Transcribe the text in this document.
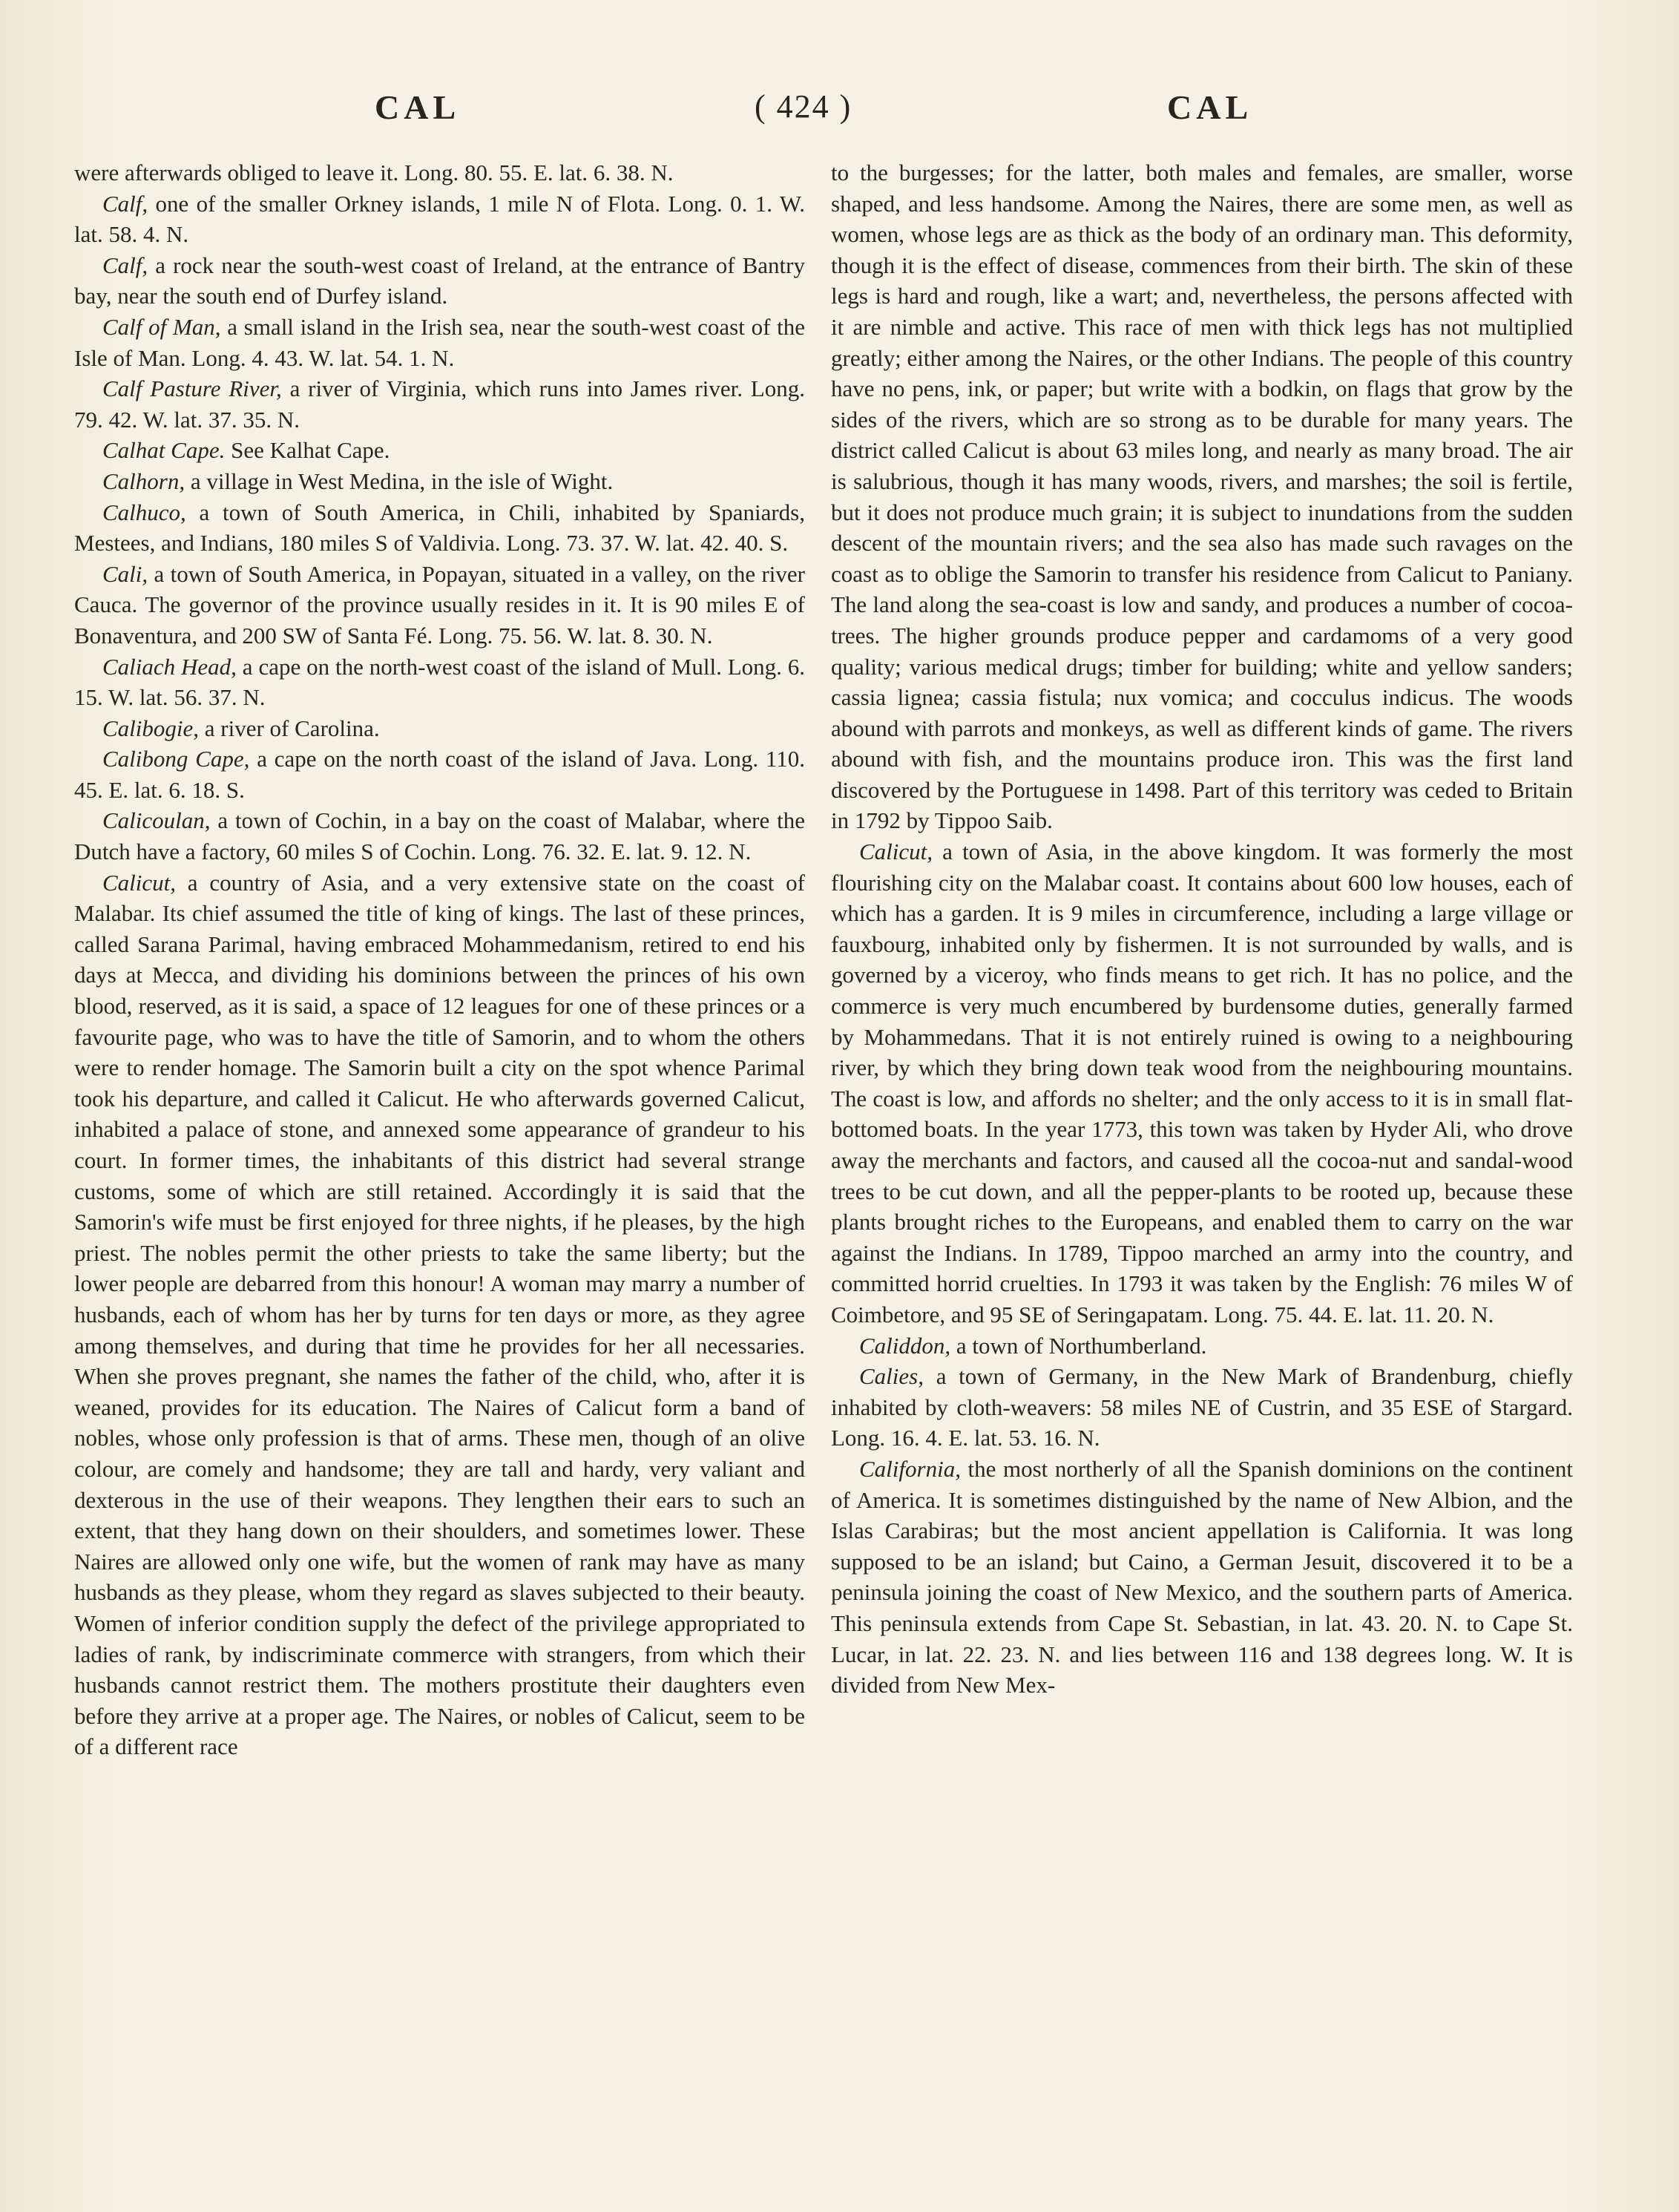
CAL	( 424 )	CAL

were afterwards obliged to leave it. Long. 80. 55. E. lat. 6. 38. N.

Calf, one of the smaller Orkney islands, 1 mile N of Flota. Long. 0. 1. W. lat. 58. 4. N.

Calf, a rock near the south-west coast of Ireland, at the entrance of Bantry bay, near the south end of Durfey island.

Calf of Man, a small island in the Irish sea, near the south-west coast of the Isle of Man. Long. 4. 43. W. lat. 54. 1. N.

Calf Pasture River, a river of Virginia, which runs into James river. Long. 79. 42. W. lat. 37. 35. N.

Calhat Cape. See Kalhat Cape.

Calhorn, a village in West Medina, in the isle of Wight.

Calhuco, a town of South America, in Chili, inhabited by Spaniards, Mestees, and Indians, 180 miles S of Valdivia. Long. 73. 37. W. lat. 42. 40. S.

Cali, a town of South America, in Popayan, situated in a valley, on the river Cauca. The governor of the province usually resides in it. It is 90 miles E of Bonaventura, and 200 SW of Santa Fé. Long. 75. 56. W. lat. 8. 30. N.

Caliach Head, a cape on the north-west coast of the island of Mull. Long. 6. 15. W. lat. 56. 37. N.

Calibogie, a river of Carolina.

Calibong Cape, a cape on the north coast of the island of Java. Long. 110. 45. E. lat. 6. 18. S.

Calicoulan, a town of Cochin, in a bay on the coast of Malabar, where the Dutch have a factory, 60 miles S of Cochin. Long. 76. 32. E. lat. 9. 12. N.

Calicut, a country of Asia, and a very extensive state on the coast of Malabar. Its chief assumed the title of king of kings. The last of these princes, called Sarana Parimal, having embraced Mohammedanism, retired to end his days at Mecca, and dividing his dominions between the princes of his own blood, reserved, as it is said, a space of 12 leagues for one of these princes or a favourite page, who was to have the title of Samorin, and to whom the others were to render homage. The Samorin built a city on the spot whence Parimal took his departure, and called it Calicut. He who afterwards governed Calicut, inhabited a palace of stone, and annexed some appearance of grandeur to his court. In former times, the inhabitants of this district had several strange customs, some of which are still retained. Accordingly it is said that the Samorin's wife must be first enjoyed for three nights, if he pleases, by the high priest. The nobles permit the other priests to take the same liberty; but the lower people are debarred from this honour! A woman may marry a number of husbands, each of whom has her by turns for ten days or more, as they agree among themselves, and during that time he provides for her all necessaries. When she proves pregnant, she names the father of the child, who, after it is weaned, provides for its education. The Naires of Calicut form a band of nobles, whose only profession is that of arms. These men, though of an olive colour, are comely and handsome; they are tall and hardy, very valiant and dexterous in the use of their weapons. They lengthen their ears to such an extent, that they hang down on their shoulders, and sometimes lower. These Naires are allowed only one wife, but the women of rank may have as many husbands as they please, whom they regard as slaves subjected to their beauty. Women of inferior condition supply the defect of the privilege appropriated to ladies of rank, by indiscriminate commerce with strangers, from which their husbands cannot restrict them. The mothers prostitute their daughters even before they arrive at a proper age. The Naires, or nobles of Calicut, seem to be of a different race

to the burgesses; for the latter, both males and females, are smaller, worse shaped, and less handsome. Among the Naires, there are some men, as well as women, whose legs are as thick as the body of an ordinary man. This deformity, though it is the effect of disease, commences from their birth. The skin of these legs is hard and rough, like a wart; and, nevertheless, the persons affected with it are nimble and active. This race of men with thick legs has not multiplied greatly; either among the Naires, or the other Indians. The people of this country have no pens, ink, or paper; but write with a bodkin, on flags that grow by the sides of the rivers, which are so strong as to be durable for many years. The district called Calicut is about 63 miles long, and nearly as many broad. The air is salubrious, though it has many woods, rivers, and marshes; the soil is fertile, but it does not produce much grain; it is subject to inundations from the sudden descent of the mountain rivers; and the sea also has made such ravages on the coast as to oblige the Samorin to transfer his residence from Calicut to Paniany. The land along the sea-coast is low and sandy, and produces a number of cocoa-trees. The higher grounds produce pepper and cardamoms of a very good quality; various medical drugs; timber for building; white and yellow sanders; cassia lignea; cassia fistula; nux vomica; and cocculus indicus. The woods abound with parrots and monkeys, as well as different kinds of game. The rivers abound with fish, and the mountains produce iron. This was the first land discovered by the Portuguese in 1498. Part of this territory was ceded to Britain in 1792 by Tippoo Saib.

Calicut, a town of Asia, in the above kingdom. It was formerly the most flourishing city on the Malabar coast. It contains about 600 low houses, each of which has a garden. It is 9 miles in circumference, including a large village or fauxbourg, inhabited only by fishermen. It is not surrounded by walls, and is governed by a viceroy, who finds means to get rich. It has no police, and the commerce is very much encumbered by burdensome duties, generally farmed by Mohammedans. That it is not entirely ruined is owing to a neighbouring river, by which they bring down teak wood from the neighbouring mountains. The coast is low, and affords no shelter; and the only access to it is in small flat-bottomed boats. In the year 1773, this town was taken by Hyder Ali, who drove away the merchants and factors, and caused all the cocoa-nut and sandal-wood trees to be cut down, and all the pepper-plants to be rooted up, because these plants brought riches to the Europeans, and enabled them to carry on the war against the Indians. In 1789, Tippoo marched an army into the country, and committed horrid cruelties. In 1793 it was taken by the English: 76 miles W of Coimbetore, and 95 SE of Seringapatam. Long. 75. 44. E. lat. 11. 20. N.

Caliddon, a town of Northumberland.

Calies, a town of Germany, in the New Mark of Brandenburg, chiefly inhabited by cloth-weavers: 58 miles NE of Custrin, and 35 ESE of Stargard. Long. 16. 4. E. lat. 53. 16. N.

California, the most northerly of all the Spanish dominions on the continent of America. It is sometimes distinguished by the name of New Albion, and the Islas Carabiras; but the most ancient appellation is California. It was long supposed to be an island; but Caino, a German Jesuit, discovered it to be a peninsula joining the coast of New Mexico, and the southern parts of America. This peninsula extends from Cape St. Sebastian, in lat. 43. 20. N. to Cape St. Lucar, in lat. 22. 23. N. and lies between 116 and 138 degrees long. W. It is divided from New Mex-
